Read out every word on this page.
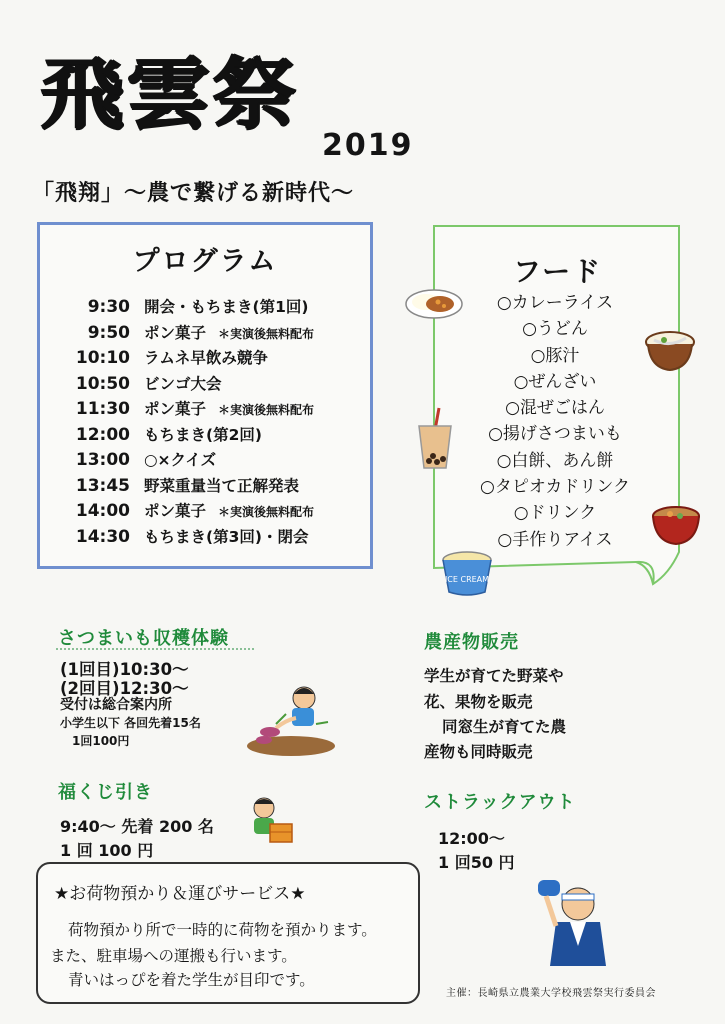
飛雲祭
2019
「飛翔」～農で繋げる新時代～
プログラム
9:30 開会・もちまき(第1回)
9:50 ポン菓子 ＊実演後無料配布
10:10 ラムネ早飲み競争
10:50 ビンゴ大会
11:30 ポン菓子 ＊実演後無料配布
12:00 もちまき(第2回)
13:00 ○×クイズ
13:45 野菜重量当て正解発表
14:00 ポン菓子 ＊実演後無料配布
14:30 もちまき(第3回)・閉会
フード
○カレーライス
○うどん
○豚汁
○ぜんざい
○混ぜごはん
○揚げさつまいも
○白餅、あん餅
○タピオカドリンク
○ドリンク
○手作りアイス
ICE CREAM
さつまいも収穫体験
(1回目)10:30～
(2回目)12:30～
受付は総合案内所
小学生以下 各回先着15名
1回100円
福くじ引き
9:40～ 先着 200 名
1 回 100 円
農産物販売
学生が育てた野菜や
花、果物を販売
同窓生が育てた農
産物も同時販売
ストラックアウト
12:00～
1 回50 円
★お荷物預かり＆運びサービス★
荷物預かり所で一時的に荷物を預かります。
また、駐車場への運搬も行います。
青いはっぴを着た学生が目印です。
主催：長崎県立農業大学校飛雲祭実行委員会
